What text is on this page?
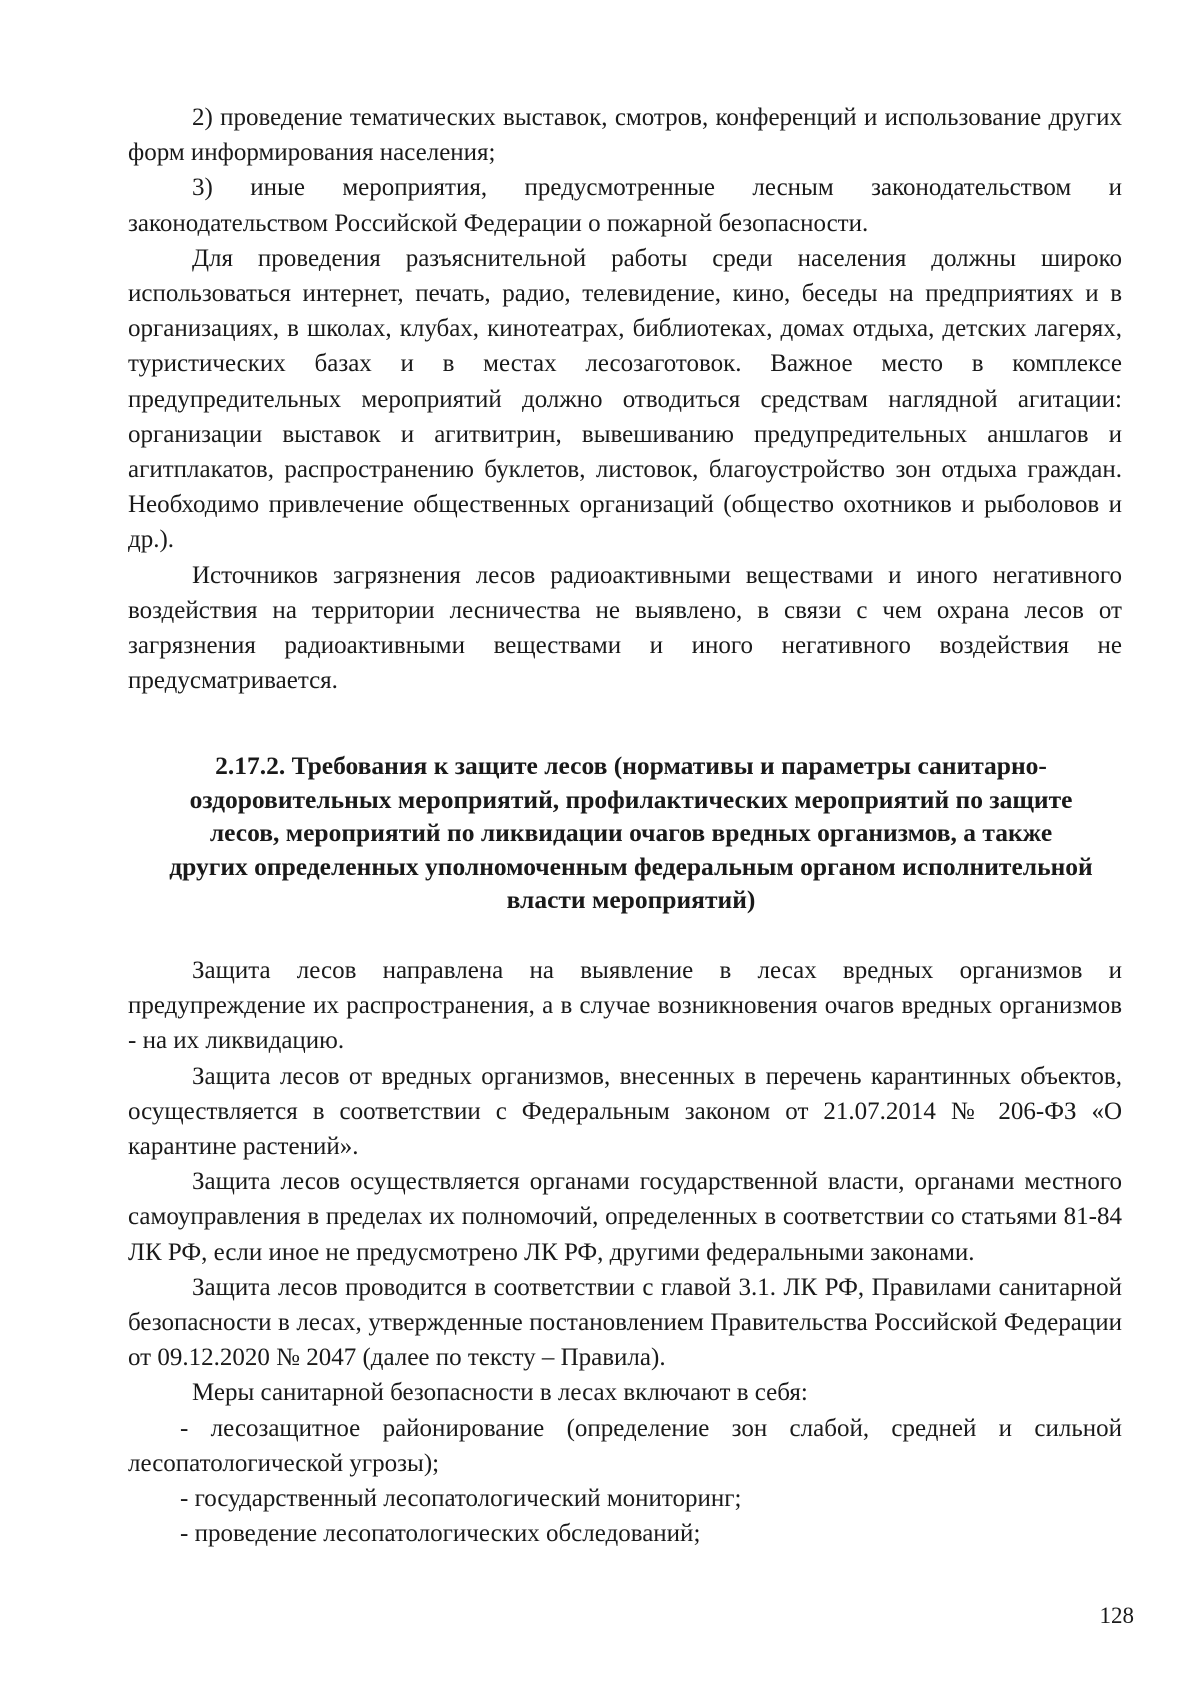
2) проведение тематических выставок, смотров, конференций и использование других форм информирования населения;

3) иные мероприятия, предусмотренные лесным законодательством и законодательством Российской Федерации о пожарной безопасности.

Для проведения разъяснительной работы среди населения должны широко использоваться интернет, печать, радио, телевидение, кино, беседы на предприятиях и в организациях, в школах, клубах, кинотеатрах, библиотеках, домах отдыха, детских лагерях, туристических базах и в местах лесозаготовок. Важное место в комплексе предупредительных мероприятий должно отводиться средствам наглядной агитации: организации выставок и агитвитрин, вывешиванию предупредительных аншлагов и агитплакатов, распространению буклетов, листовок, благоустройство зон отдыха граждан. Необходимо привлечение общественных организаций (общество охотников и рыболовов и др.).

Источников загрязнения лесов радиоактивными веществами и иного негативного воздействия на территории лесничества не выявлено, в связи с чем охрана лесов от загрязнения радиоактивными веществами и иного негативного воздействия не предусматривается.

2.17.2. Требования к защите лесов (нормативы и параметры санитарно-оздоровительных мероприятий, профилактических мероприятий по защите лесов, мероприятий по ликвидации очагов вредных организмов, а также других определенных уполномоченным федеральным органом исполнительной власти мероприятий)

Защита лесов направлена на выявление в лесах вредных организмов и предупреждение их распространения, а в случае возникновения очагов вредных организмов - на их ликвидацию.

Защита лесов от вредных организмов, внесенных в перечень карантинных объектов, осуществляется в соответствии с Федеральным законом от 21.07.2014 № 206-ФЗ «О карантине растений».

Защита лесов осуществляется органами государственной власти, органами местного самоуправления в пределах их полномочий, определенных в соответствии со статьями 81-84 ЛК РФ, если иное не предусмотрено ЛК РФ, другими федеральными законами.

Защита лесов проводится в соответствии с главой 3.1. ЛК РФ, Правилами санитарной безопасности в лесах, утвержденные постановлением Правительства Российской Федерации от 09.12.2020 № 2047 (далее по тексту – Правила).

Меры санитарной безопасности в лесах включают в себя:

- лесозащитное районирование (определение зон слабой, средней и сильной лесопатологической угрозы);

- государственный лесопатологический мониторинг;

- проведение лесопатологических обследований;

128
